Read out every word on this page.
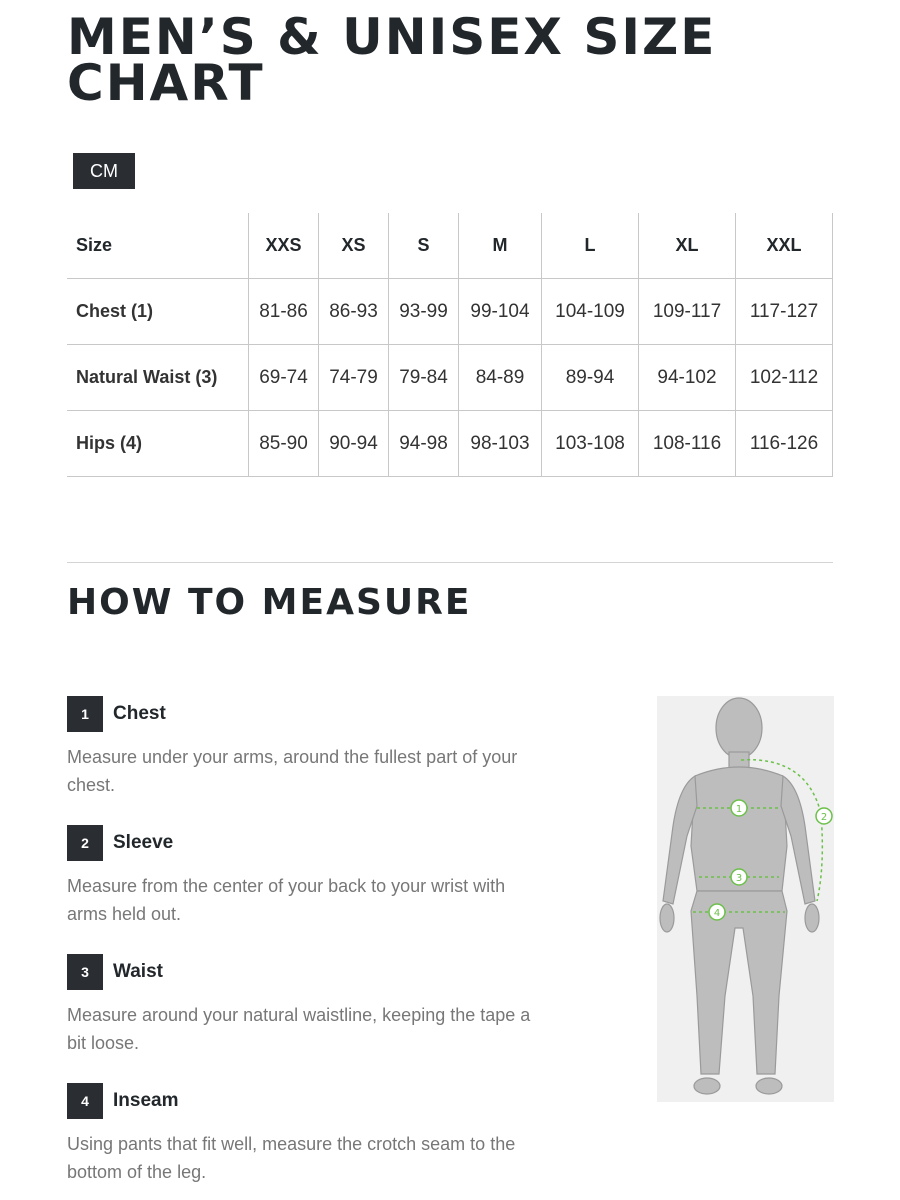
MEN’S & UNISEX SIZE
CHART
CM
Size	XXS	XS	S	M	L	XL	XXL
Chest (1)	81-86	86-93	93-99	99-104	104-109	109-117	117-127
Natural Waist (3)	69-74	74-79	79-84	84-89	89-94	94-102	102-112
Hips (4)	85-90	90-94	94-98	98-103	103-108	108-116	116-126
HOW TO MEASURE
1	Chest
Measure under your arms, around the fullest part of your chest.
2	Sleeve
Measure from the center of your back to your wrist with arms held out.
3	Waist
Measure around your natural waistline, keeping the tape a bit loose.
4	Inseam
Using pants that fit well, measure the crotch seam to the bottom of the leg.
1
2
3
4
